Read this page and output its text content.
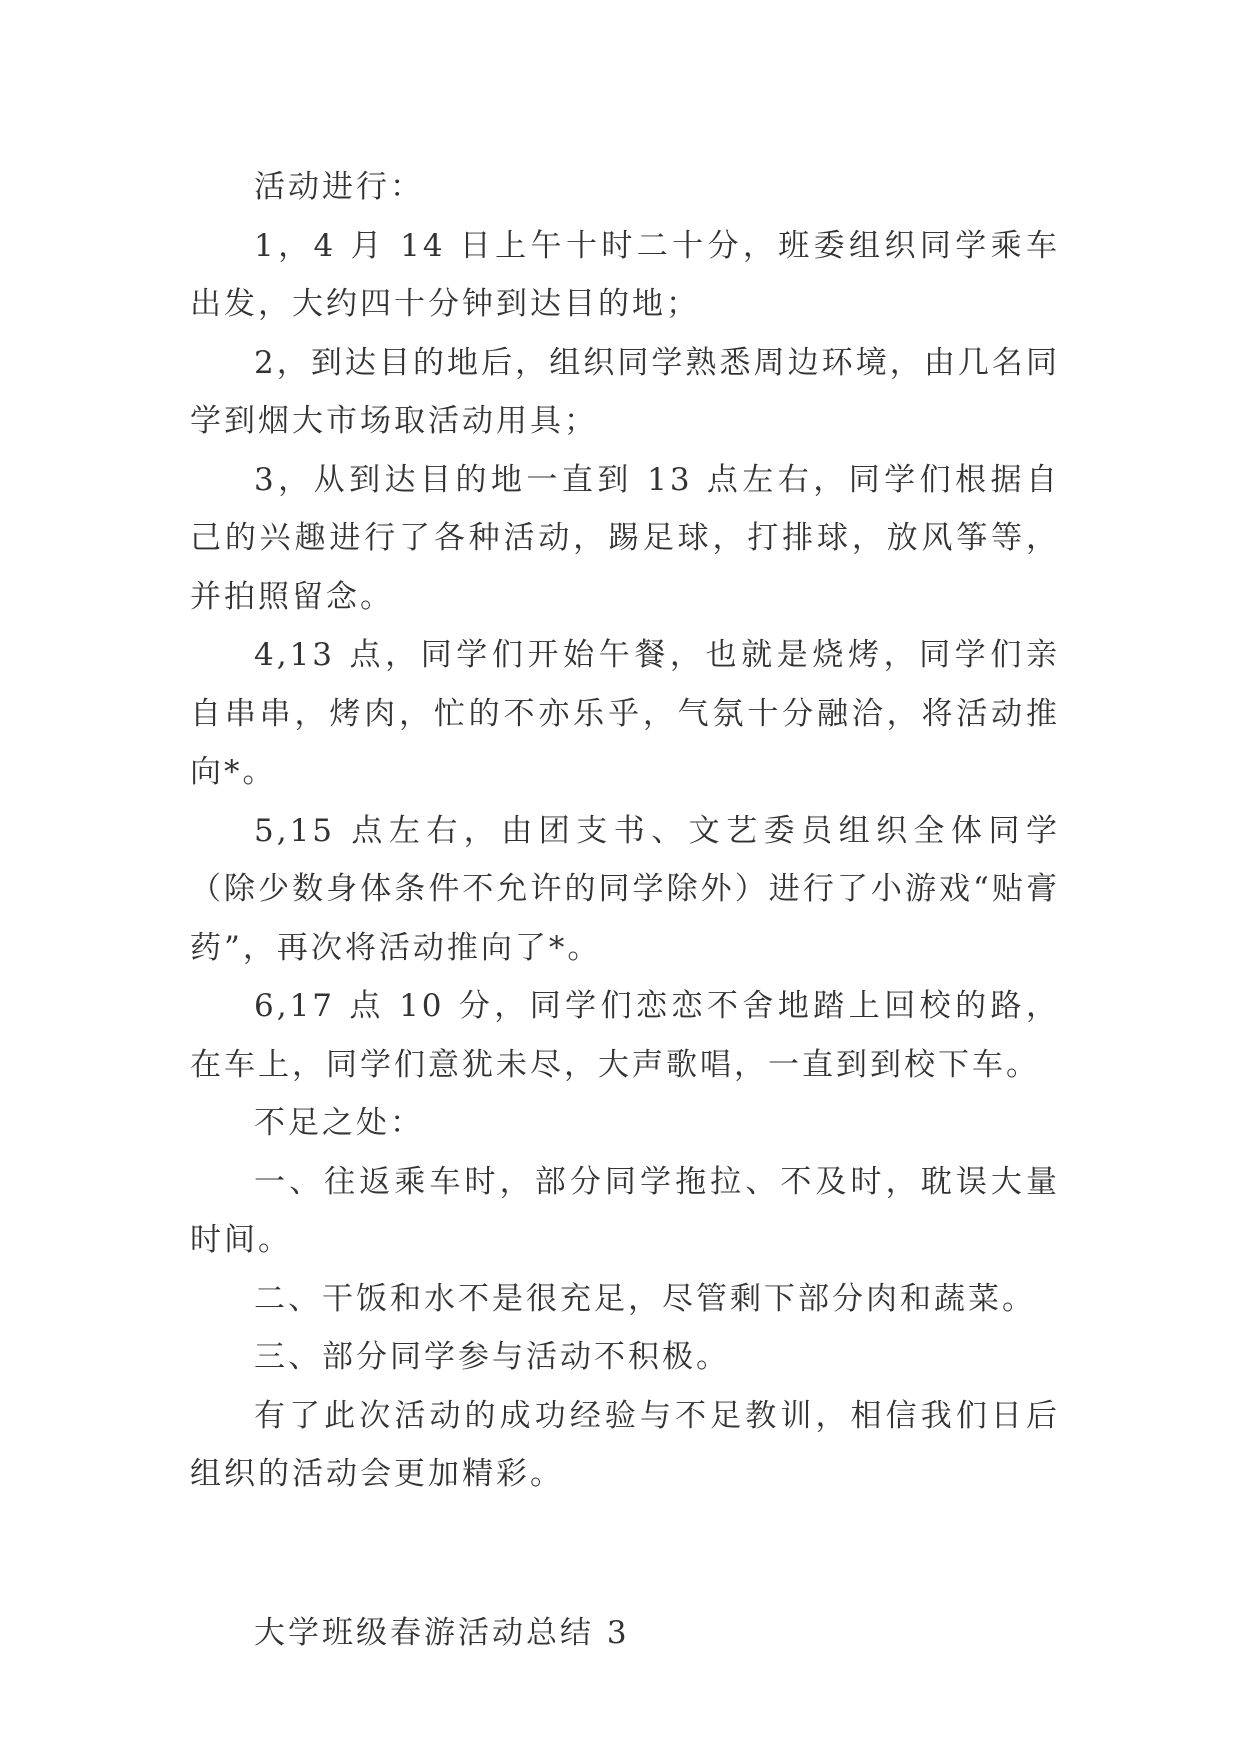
活动进行：

1，4 月 14 日上午十时二十分，班委组织同学乘车出发，大约四十分钟到达目的地；

2，到达目的地后，组织同学熟悉周边环境，由几名同学到烟大市场取活动用具；

3，从到达目的地一直到 13 点左右，同学们根据自己的兴趣进行了各种活动，踢足球，打排球，放风筝等，并拍照留念。

4,13 点，同学们开始午餐，也就是烧烤，同学们亲自串串，烤肉，忙的不亦乐乎，气氛十分融洽，将活动推向*。

5,15 点左右，由团支书、文艺委员组织全体同学（除少数身体条件不允许的同学除外）进行了小游戏“贴膏药”，再次将活动推向了*。

6,17 点 10 分，同学们恋恋不舍地踏上回校的路，在车上，同学们意犹未尽，大声歌唱，一直到到校下车。

不足之处：

一、往返乘车时，部分同学拖拉、不及时，耽误大量时间。

二、干饭和水不是很充足，尽管剩下部分肉和蔬菜。

三、部分同学参与活动不积极。

有了此次活动的成功经验与不足教训，相信我们日后组织的活动会更加精彩。

大学班级春游活动总结 3
